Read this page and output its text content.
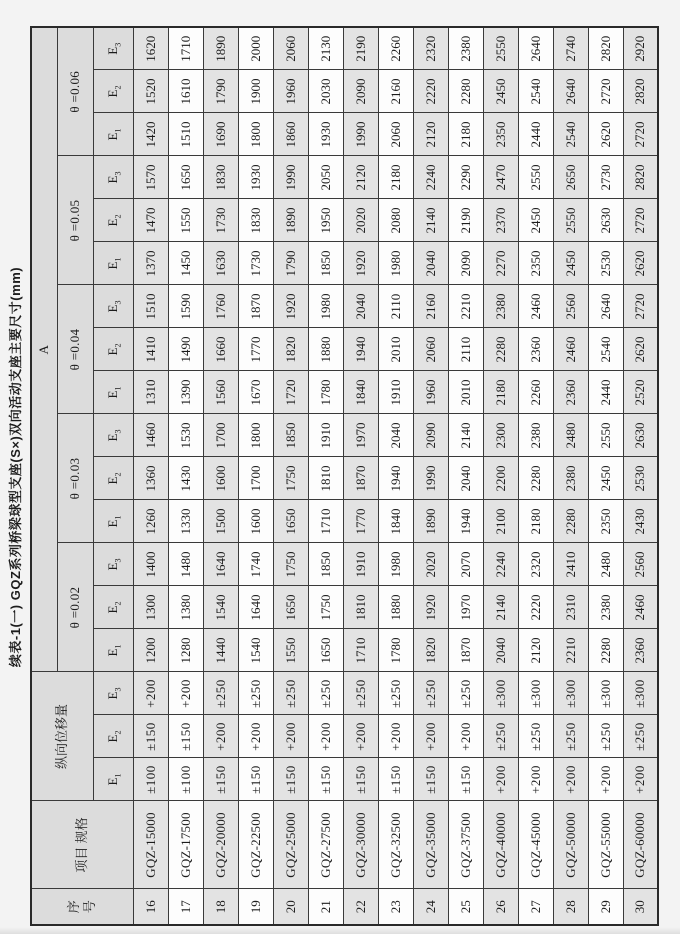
续表-1(一) GQZ系列桥梁球型支座(S×)双向活动支座主要尺寸(mm)
序号	项目 规格	纵向位移量			A														
					θ =0.02			θ =0.03			θ =0.04			θ =0.05			θ =0.06		
		$E_1$	$E_2$	$E_3$	$E_1$	$E_2$	$E_3$	$E_1$	$E_2$	$E_3$	$E_1$	$E_2$	$E_3$	$E_1$	$E_2$	$E_3$	$E_1$	$E_2$	$E_3$
16	GQZ-15000	±100	±150	+200	1200	1300	1400	1260	1360	1460	1310	1410	1510	1370	1470	1570	1420	1520	1620
17	GQZ-17500	±100	±150	+200	1280	1380	1480	1330	1430	1530	1390	1490	1590	1450	1550	1650	1510	1610	1710
18	GQZ-20000	±150	+200	±250	1440	1540	1640	1500	1600	1700	1560	1660	1760	1630	1730	1830	1690	1790	1890
19	GQZ-22500	±150	+200	±250	1540	1640	1740	1600	1700	1800	1670	1770	1870	1730	1830	1930	1800	1900	2000
20	GQZ-25000	±150	+200	±250	1550	1650	1750	1650	1750	1850	1720	1820	1920	1790	1890	1990	1860	1960	2060
21	GQZ-27500	±150	+200	±250	1650	1750	1850	1710	1810	1910	1780	1880	1980	1850	1950	2050	1930	2030	2130
22	GQZ-30000	±150	+200	±250	1710	1810	1910	1770	1870	1970	1840	1940	2040	1920	2020	2120	1990	2090	2190
23	GQZ-32500	±150	+200	±250	1780	1880	1980	1840	1940	2040	1910	2010	2110	1980	2080	2180	2060	2160	2260
24	GQZ-35000	±150	+200	±250	1820	1920	2020	1890	1990	2090	1960	2060	2160	2040	2140	2240	2120	2220	2320
25	GQZ-37500	±150	+200	±250	1870	1970	2070	1940	2040	2140	2010	2110	2210	2090	2190	2290	2180	2280	2380
26	GQZ-40000	+200	±250	±300	2040	2140	2240	2100	2200	2300	2180	2280	2380	2270	2370	2470	2350	2450	2550
27	GQZ-45000	+200	±250	±300	2120	2220	2320	2180	2280	2380	2260	2360	2460	2350	2450	2550	2440	2540	2640
28	GQZ-50000	+200	±250	±300	2210	2310	2410	2280	2380	2480	2360	2460	2560	2450	2550	2650	2540	2640	2740
29	GQZ-55000	+200	±250	±300	2280	2380	2480	2350	2450	2550	2440	2540	2640	2530	2630	2730	2620	2720	2820
30	GQZ-60000	+200	±250	±300	2360	2460	2560	2430	2530	2630	2520	2620	2720	2620	2720	2820	2720	2820	2920
